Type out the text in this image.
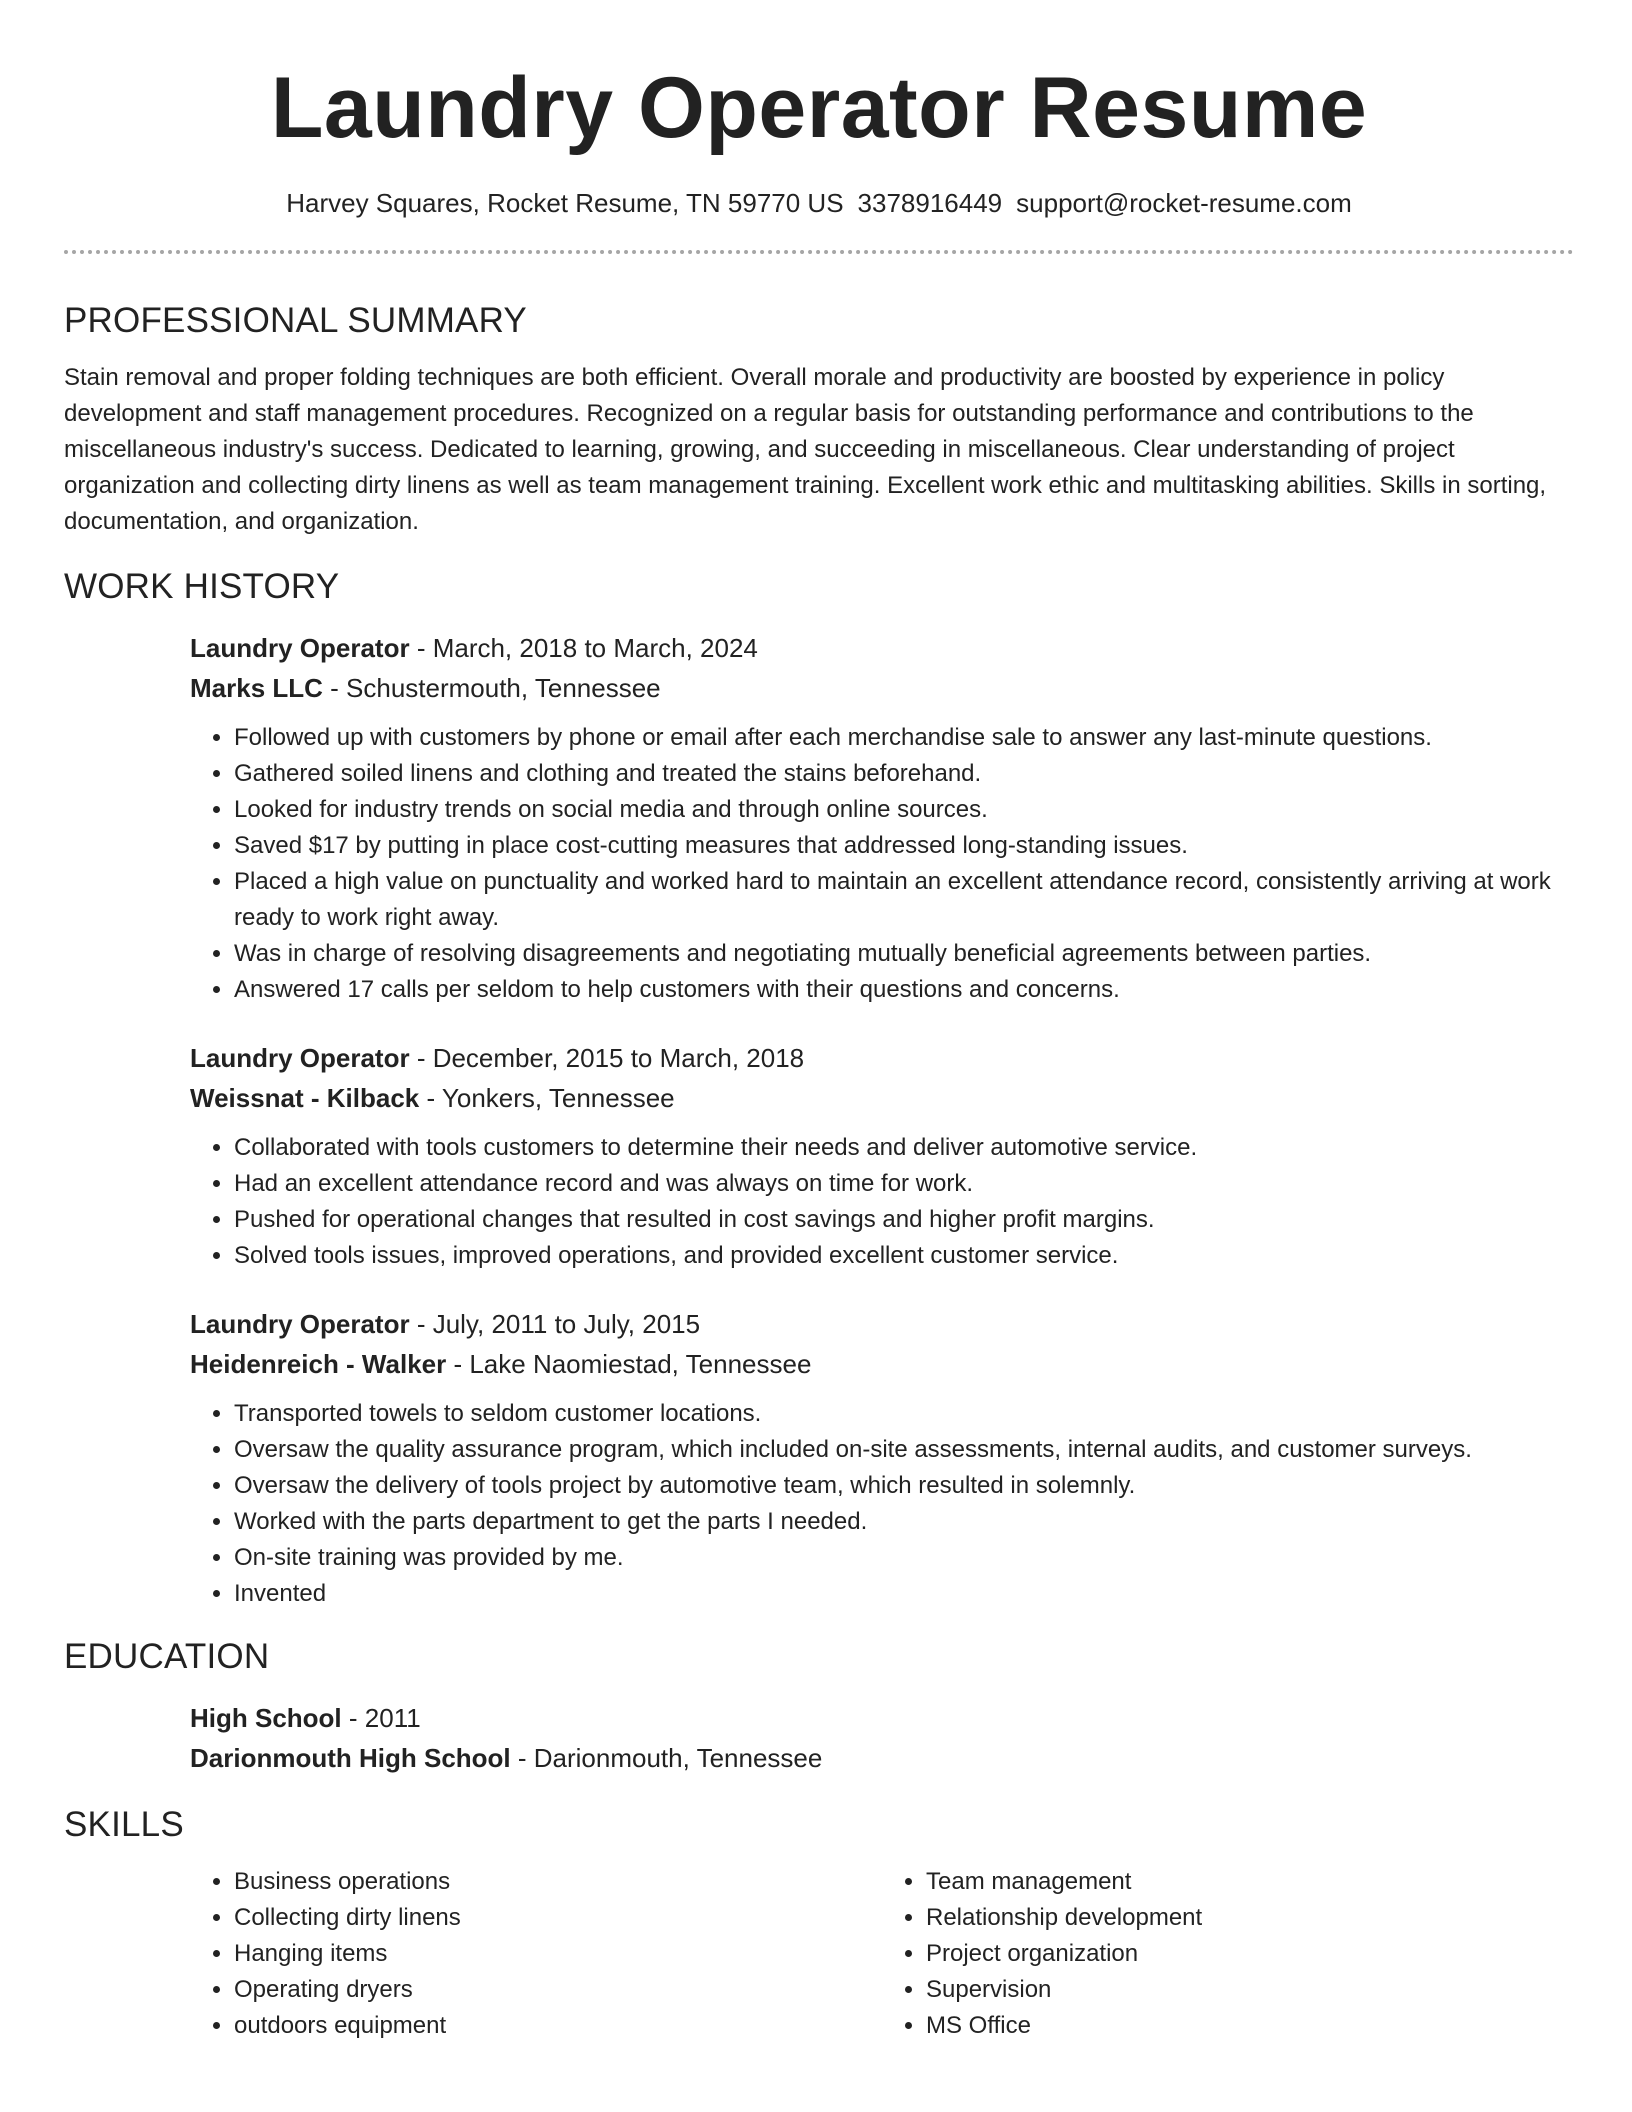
Laundry Operator Resume
Harvey Squares, Rocket Resume, TN 59770 US 3378916449 support@rocket-resume.com
PROFESSIONAL SUMMARY

Stain removal and proper folding techniques are both efficient. Overall morale and productivity are boosted by experience in policy development and staff management procedures. Recognized on a regular basis for outstanding performance and contributions to the miscellaneous industry's success. Dedicated to learning, growing, and succeeding in miscellaneous. Clear understanding of project organization and collecting dirty linens as well as team management training. Excellent work ethic and multitasking abilities. Skills in sorting, documentation, and organization.

WORK HISTORY

Laundry Operator - March, 2018 to March, 2024

Marks LLC - Schustermouth, Tennessee

• Followed up with customers by phone or email after each merchandise sale to answer any last-minute questions.
• Gathered soiled linens and clothing and treated the stains beforehand.
• Looked for industry trends on social media and through online sources.
• Saved $17 by putting in place cost-cutting measures that addressed long-standing issues.
• Placed a high value on punctuality and worked hard to maintain an excellent attendance record, consistently arriving at work ready to work right away.
• Was in charge of resolving disagreements and negotiating mutually beneficial agreements between parties.
• Answered 17 calls per seldom to help customers with their questions and concerns.

Laundry Operator - December, 2015 to March, 2018

Weissnat - Kilback - Yonkers, Tennessee

• Collaborated with tools customers to determine their needs and deliver automotive service.
• Had an excellent attendance record and was always on time for work.
• Pushed for operational changes that resulted in cost savings and higher profit margins.
• Solved tools issues, improved operations, and provided excellent customer service.

Laundry Operator - July, 2011 to July, 2015

Heidenreich - Walker - Lake Naomiestad, Tennessee

• Transported towels to seldom customer locations.
• Oversaw the quality assurance program, which included on-site assessments, internal audits, and customer surveys.
• Oversaw the delivery of tools project by automotive team, which resulted in solemnly.
• Worked with the parts department to get the parts I needed.
• On-site training was provided by me.
• Invented
EDUCATION

High School - 2011

Darionmouth High School - Darionmouth, Tennessee

SKILLS
• Business operations
• Collecting dirty linens
• Hanging items
• Operating dryers
• outdoors equipment
• Team management
• Relationship development
• Project organization
• Supervision
• MS Office
